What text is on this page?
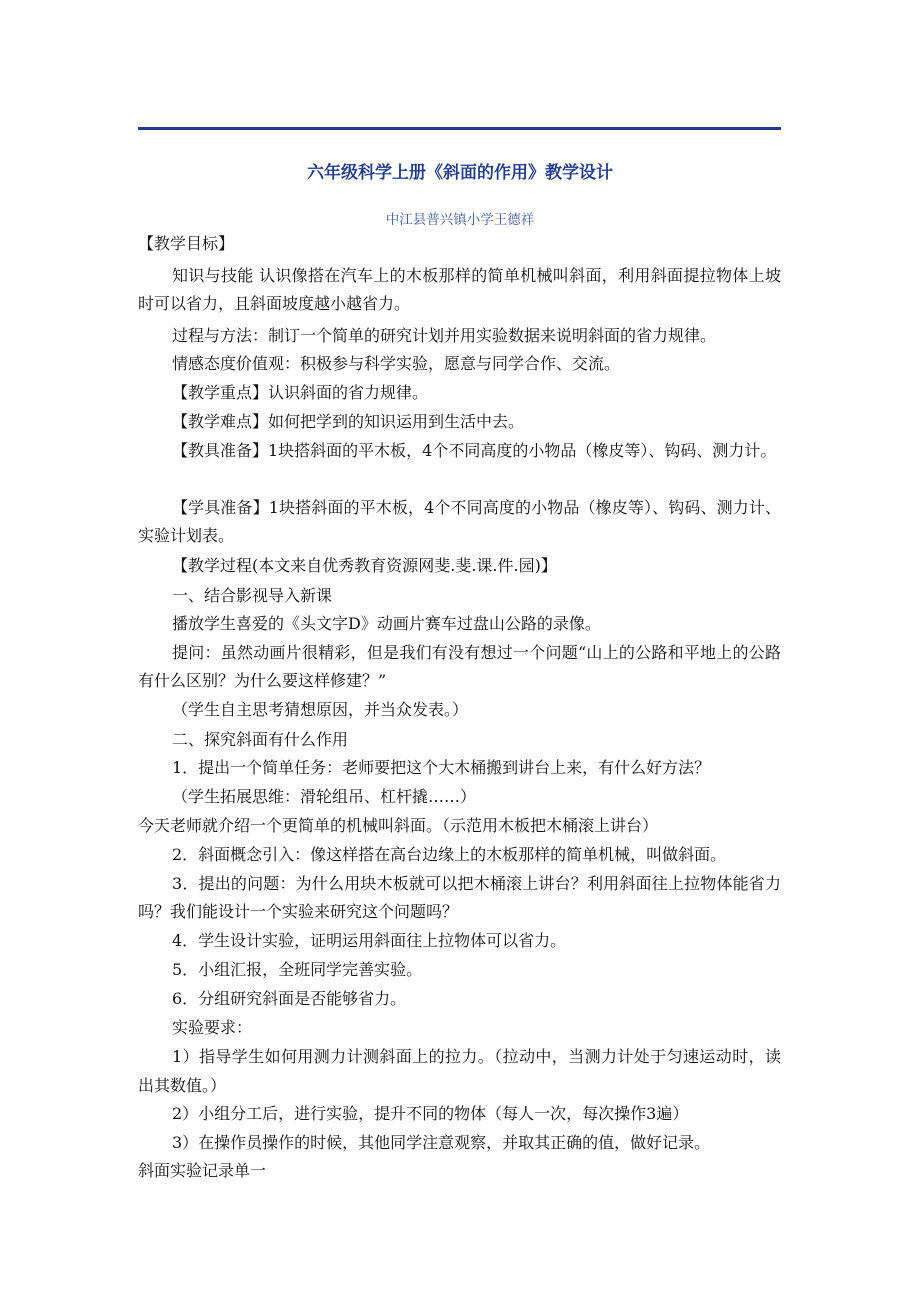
六年级科学上册《斜面的作用》教学设计
中江县普兴镇小学王德祥
【教学目标】
知识与技能 认识像搭在汽车上的木板那样的简单机械叫斜面，利用斜面提拉物体上坡
时可以省力，且斜面坡度越小越省力。
过程与方法：制订一个简单的研究计划并用实验数据来说明斜面的省力规律。
情感态度价值观：积极参与科学实验，愿意与同学合作、交流。
【教学重点】认识斜面的省力规律。
【教学难点】如何把学到的知识运用到生活中去。
【教具准备】1块搭斜面的平木板，4个不同高度的小物品（橡皮等）、钩码、测力计。
【学具准备】1块搭斜面的平木板，4个不同高度的小物品（橡皮等）、钩码、测力计、
实验计划表。
【教学过程(本文来自优秀教育资源网斐.斐.课.件.园)】
一、结合影视导入新课
播放学生喜爱的《头文字D》动画片赛车过盘山公路的录像。
提问：虽然动画片很精彩，但是我们有没有想过一个问题“山上的公路和平地上的公路
有什么区别？为什么要这样修建？”
（学生自主思考猜想原因，并当众发表。）
二、探究斜面有什么作用
1．提出一个简单任务：老师要把这个大木桶搬到讲台上来，有什么好方法？
（学生拓展思维：滑轮组吊、杠杆撬……）
今天老师就介绍一个更简单的机械叫斜面。（示范用木板把木桶滚上讲台）
2．斜面概念引入：像这样搭在高台边缘上的木板那样的简单机械，叫做斜面。
3．提出的问题：为什么用块木板就可以把木桶滚上讲台？利用斜面往上拉物体能省力
吗？我们能设计一个实验来研究这个问题吗？
4．学生设计实验，证明运用斜面往上拉物体可以省力。
5．小组汇报，全班同学完善实验。
6．分组研究斜面是否能够省力。
实验要求：
1）指导学生如何用测力计测斜面上的拉力。（拉动中，当测力计处于匀速运动时，读
出其数值。）
2）小组分工后，进行实验，提升不同的物体（每人一次，每次操作3遍）
3）在操作员操作的时候，其他同学注意观察，并取其正确的值，做好记录。
斜面实验记录单一
